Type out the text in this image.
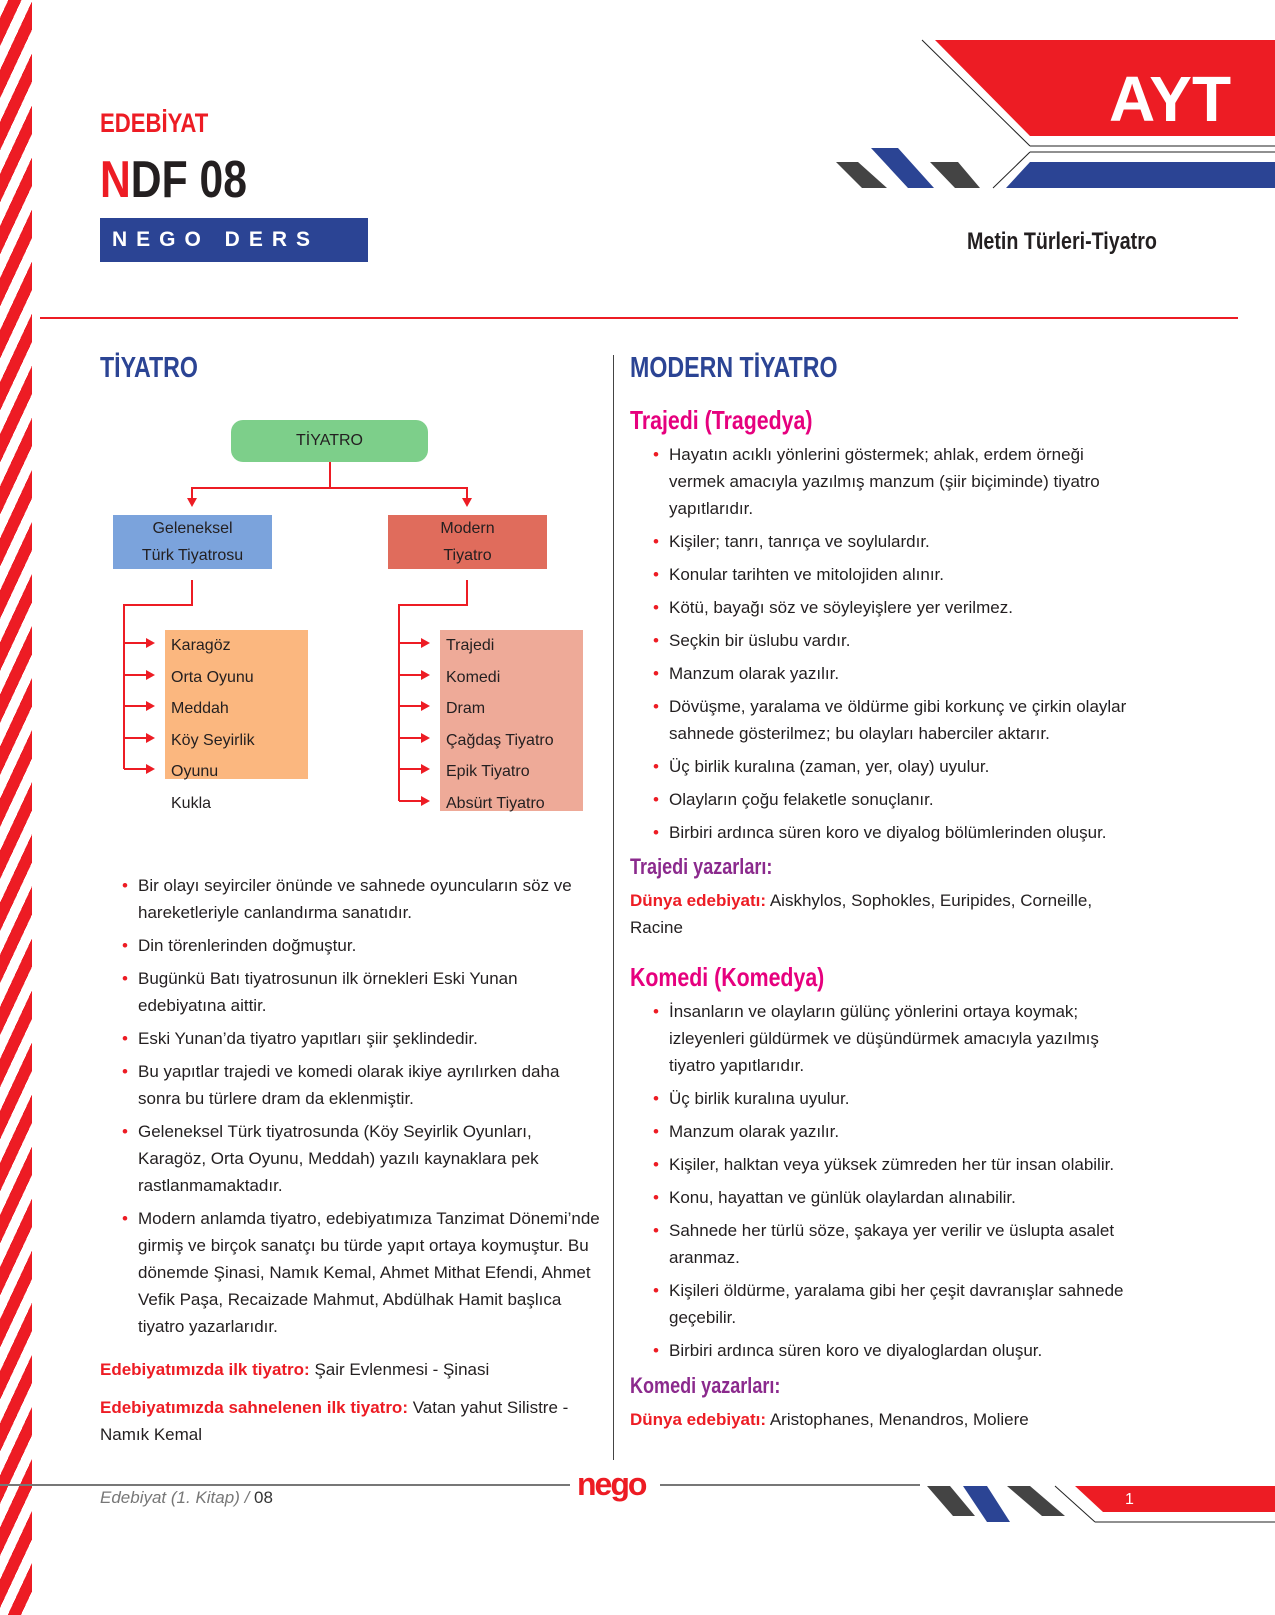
EDEBİYAT
NDF 08
NEGO DERS FÖYÜ
AYT
Metin Türleri-Tiyatro
TİYATRO
TİYATRO
Geleneksel
Türk Tiyatrosu
Modern
Tiyatro
Karagöz
Orta Oyunu
Meddah
Köy Seyirlik Oyunu
Kukla
Trajedi
Komedi
Dram
Çağdaş Tiyatro
Epik Tiyatro
Absürt Tiyatro
• Bir olayı seyirciler önünde ve sahnede oyuncuların söz ve hareketleriyle canlandırma sanatıdır.
• Din törenlerinden doğmuştur.
• Bugünkü Batı tiyatrosunun ilk örnekleri Eski Yunan edebiyatına aittir.
• Eski Yunan’da tiyatro yapıtları şiir şeklindedir.
• Bu yapıtlar trajedi ve komedi olarak ikiye ayrılırken daha sonra bu türlere dram da eklenmiştir.
• Geleneksel Türk tiyatrosunda (Köy Seyirlik Oyunları, Karagöz, Orta Oyunu, Meddah) yazılı kaynaklara pek rastlanmamaktadır.
• Modern anlamda tiyatro, edebiyatımıza Tanzimat Dönemi’nde girmiş ve birçok sanatçı bu türde yapıt ortaya koymuştur. Bu dönemde Şinasi, Namık Kemal, Ahmet Mithat Efendi, Ahmet Vefik Paşa, Recaizade Mahmut, Abdülhak Hamit başlıca tiyatro yazarlarıdır.
Edebiyatımızda ilk tiyatro: Şair Evlenmesi - Şinasi
Edebiyatımızda sahnelenen ilk tiyatro: Vatan yahut Silistre - Namık Kemal
MODERN TİYATRO
Trajedi (Tragedya)
• Hayatın acıklı yönlerini göstermek; ahlak, erdem örneği vermek amacıyla yazılmış manzum (şiir biçiminde) tiyatro yapıtlarıdır.
• Kişiler; tanrı, tanrıça ve soylulardır.
• Konular tarihten ve mitolojiden alınır.
• Kötü, bayağı söz ve söyleyişlere yer verilmez.
• Seçkin bir üslubu vardır.
• Manzum olarak yazılır.
• Dövüşme, yaralama ve öldürme gibi korkunç ve çirkin olaylar sahnede gösterilmez; bu olayları haberciler aktarır.
• Üç birlik kuralına (zaman, yer, olay) uyulur.
• Olayların çoğu felaketle sonuçlanır.
• Birbiri ardınca süren koro ve diyalog bölümlerinden oluşur.
Trajedi yazarları:
Dünya edebiyatı: Aiskhylos, Sophokles, Euripides, Corneille, Racine
Komedi (Komedya)
• İnsanların ve olayların gülünç yönlerini ortaya koymak; izleyenleri güldürmek ve düşündürmek amacıyla yazılmış tiyatro yapıtlarıdır.
• Üç birlik kuralına uyulur.
• Manzum olarak yazılır.
• Kişiler, halktan veya yüksek zümreden her tür insan olabilir.
• Konu, hayattan ve günlük olaylardan alınabilir.
• Sahnede her türlü söze, şakaya yer verilir ve üslupta asalet aranmaz.
• Kişileri öldürme, yaralama gibi her çeşit davranışlar sahnede geçebilir.
• Birbiri ardınca süren koro ve diyaloglardan oluşur.
Komedi yazarları:
Dünya edebiyatı: Aristophanes, Menandros, Moliere
nego
Edebiyat (1. Kitap) / 08	1
